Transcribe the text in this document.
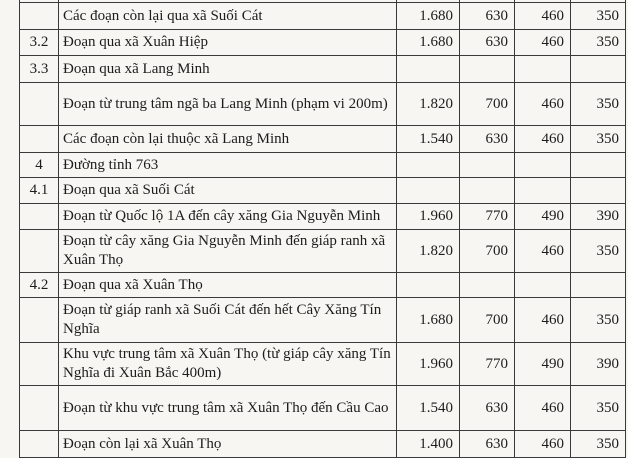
	Các đoạn còn lại qua xã Suối Cát	1.680	630	460	350
3.2	Đoạn qua xã Xuân Hiệp	1.680	630	460	350
3.3	Đoạn qua xã Lang Minh				
	Đoạn từ trung tâm ngã ba Lang Minh (phạm vi 200m)	1.820	700	460	350
	Các đoạn còn lại thuộc xã Lang Minh	1.540	630	460	350
4	Đường tỉnh 763				
4.1	Đoạn qua xã Suối Cát				
	Đoạn từ Quốc lộ 1A đến cây xăng Gia Nguyễn Minh	1.960	770	490	390
	Đoạn từ cây xăng Gia Nguyễn Minh đến giáp ranh xã Xuân Thọ	1.820	700	460	350
4.2	Đoạn qua xã Xuân Thọ				
	Đoạn từ giáp ranh xã Suối Cát đến hết Cây Xăng Tín Nghĩa	1.680	700	460	350
	Khu vực trung tâm xã Xuân Thọ (từ giáp cây xăng Tín Nghĩa đi Xuân Bắc 400m)	1.960	770	490	390
	Đoạn từ khu vực trung tâm xã Xuân Thọ đến Cầu Cao	1.540	630	460	350
	Đoạn còn lại xã Xuân Thọ	1.400	630	460	350
